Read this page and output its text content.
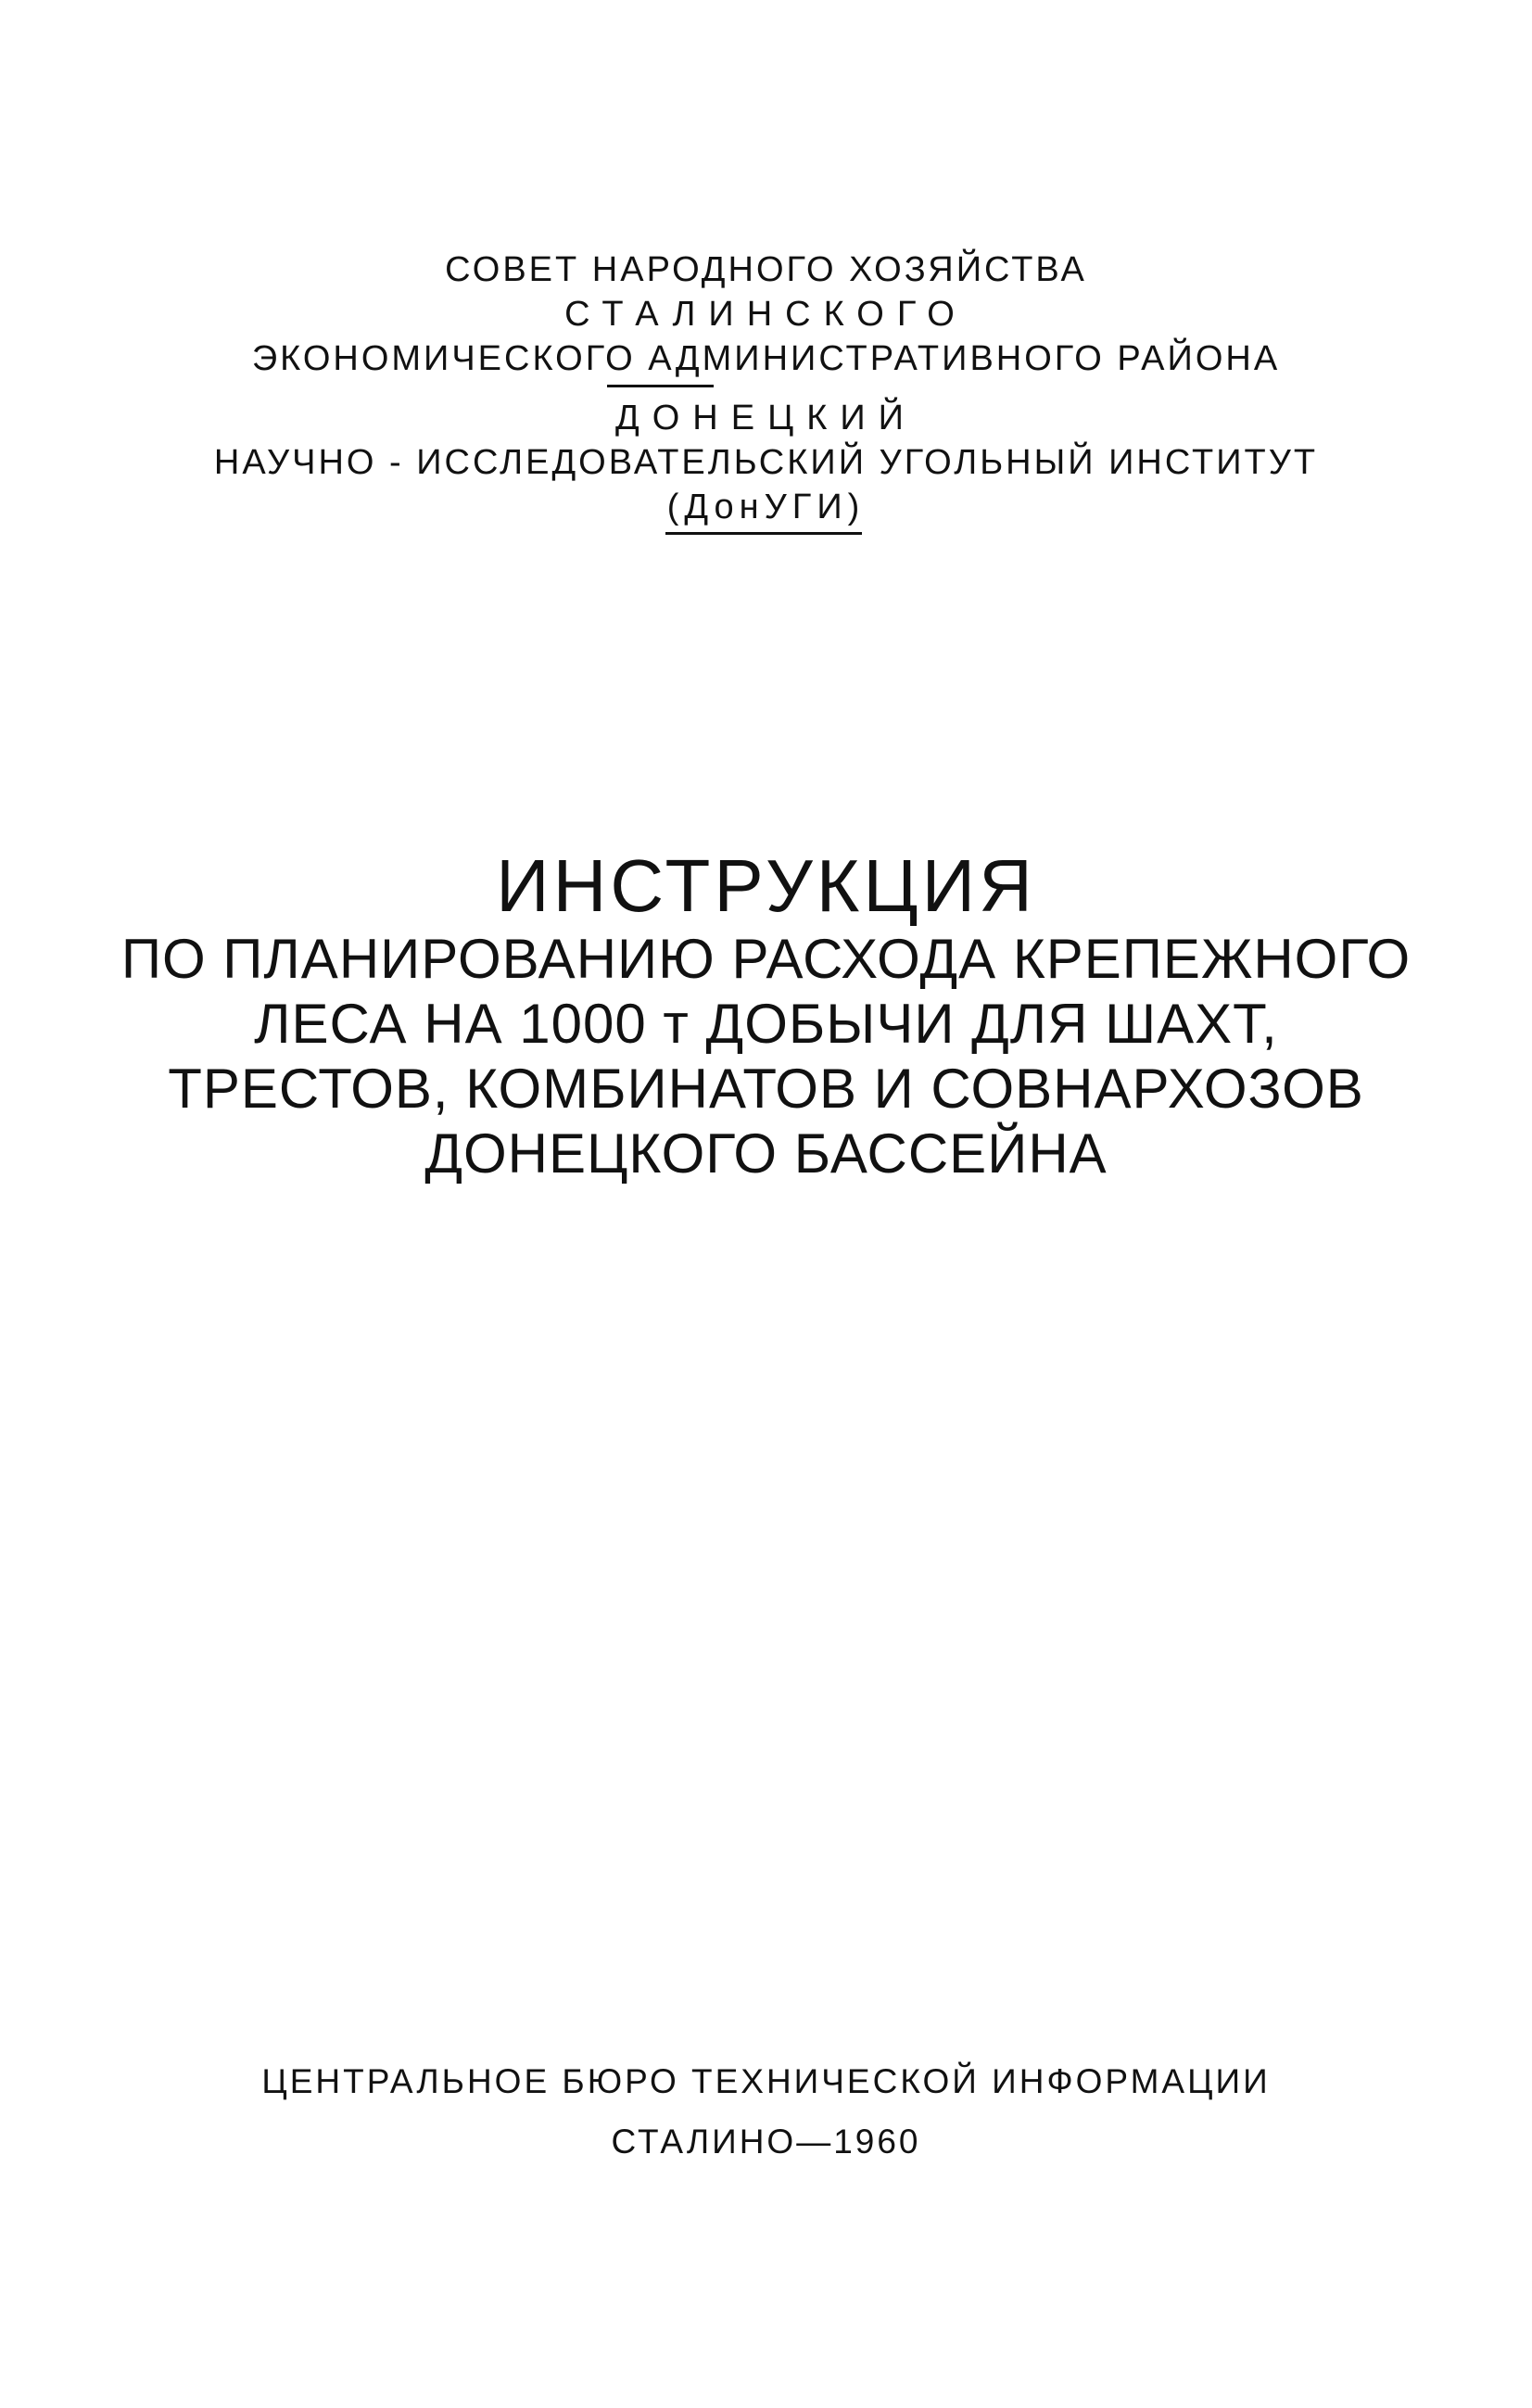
СОВЕТ НАРОДНОГО ХОЗЯЙСТВА
СТАЛИНСКОГО
ЭКОНОМИЧЕСКОГО АДМИНИСТРАТИВНОГО РАЙОНА
ДОНЕЦКИЙ
НАУЧНО - ИССЛЕДОВАТЕЛЬСКИЙ УГОЛЬНЫЙ ИНСТИТУТ
(ДонУГИ)
ИНСТРУКЦИЯ
ПО ПЛАНИРОВАНИЮ РАСХОДА КРЕПЕЖНОГО
ЛЕСА НА 1000 т ДОБЫЧИ ДЛЯ ШАХТ,
ТРЕСТОВ, КОМБИНАТОВ И СОВНАРХОЗОВ
ДОНЕЦКОГО БАССЕЙНА
ЦЕНТРАЛЬНОЕ БЮРО ТЕХНИЧЕСКОЙ ИНФОРМАЦИИ
СТАЛИНО—1960
